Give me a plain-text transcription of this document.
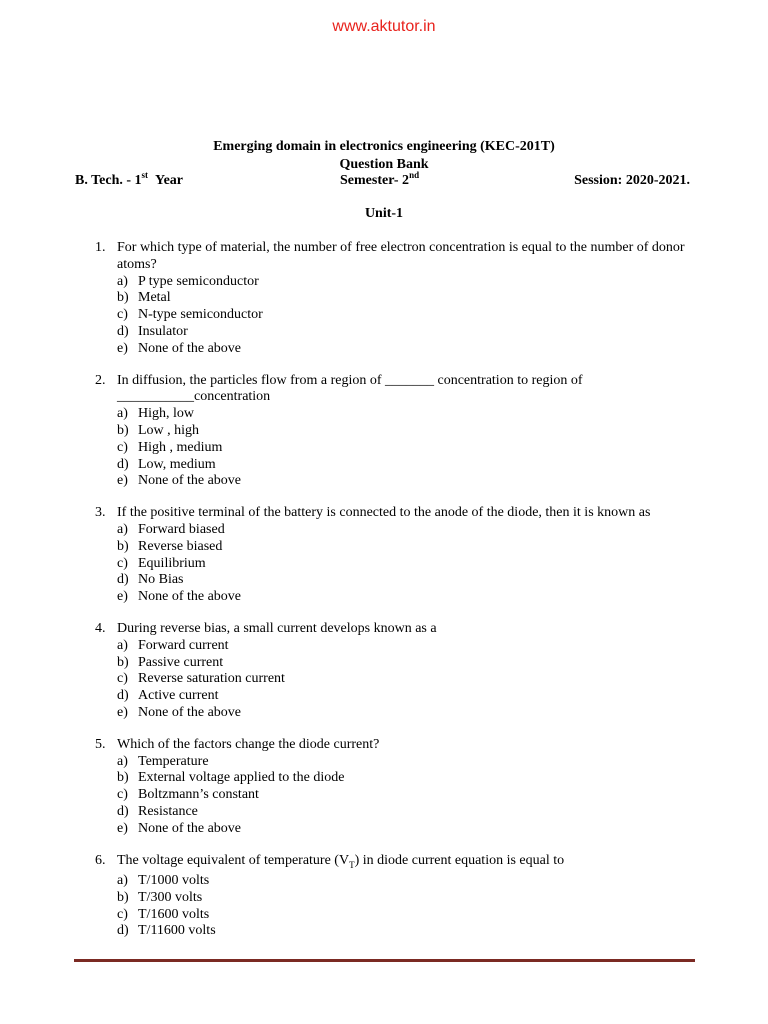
www.aktutor.in
Emerging domain in electronics engineering (KEC-201T)
Question Bank
B. Tech. - 1st Year	Semester- 2nd	Session: 2020-2021.
Unit-1
1. For which type of material, the number of free electron concentration is equal to the number of donor atoms?
a) P type semiconductor
b) Metal
c) N-type semiconductor
d) Insulator
e) None of the above
2. In diffusion, the particles flow from a region of _______ concentration to region of ___________concentration
a) High, low
b) Low , high
c) High , medium
d) Low, medium
e) None of the above
3. If the positive terminal of the battery is connected to the anode of the diode, then it is known as
a) Forward biased
b) Reverse biased
c) Equilibrium
d) No Bias
e) None of the above
4. During reverse bias, a small current develops known as a
a) Forward current
b) Passive current
c) Reverse saturation current
d) Active current
e) None of the above
5. Which of the factors change the diode current?
a) Temperature
b) External voltage applied to the diode
c) Boltzmann’s constant
d) Resistance
e) None of the above
6. The voltage equivalent of temperature $(V_T)$ in diode current equation is equal to
a) T/1000 volts
b) T/300 volts
c) T/1600 volts
d) T/11600 volts
